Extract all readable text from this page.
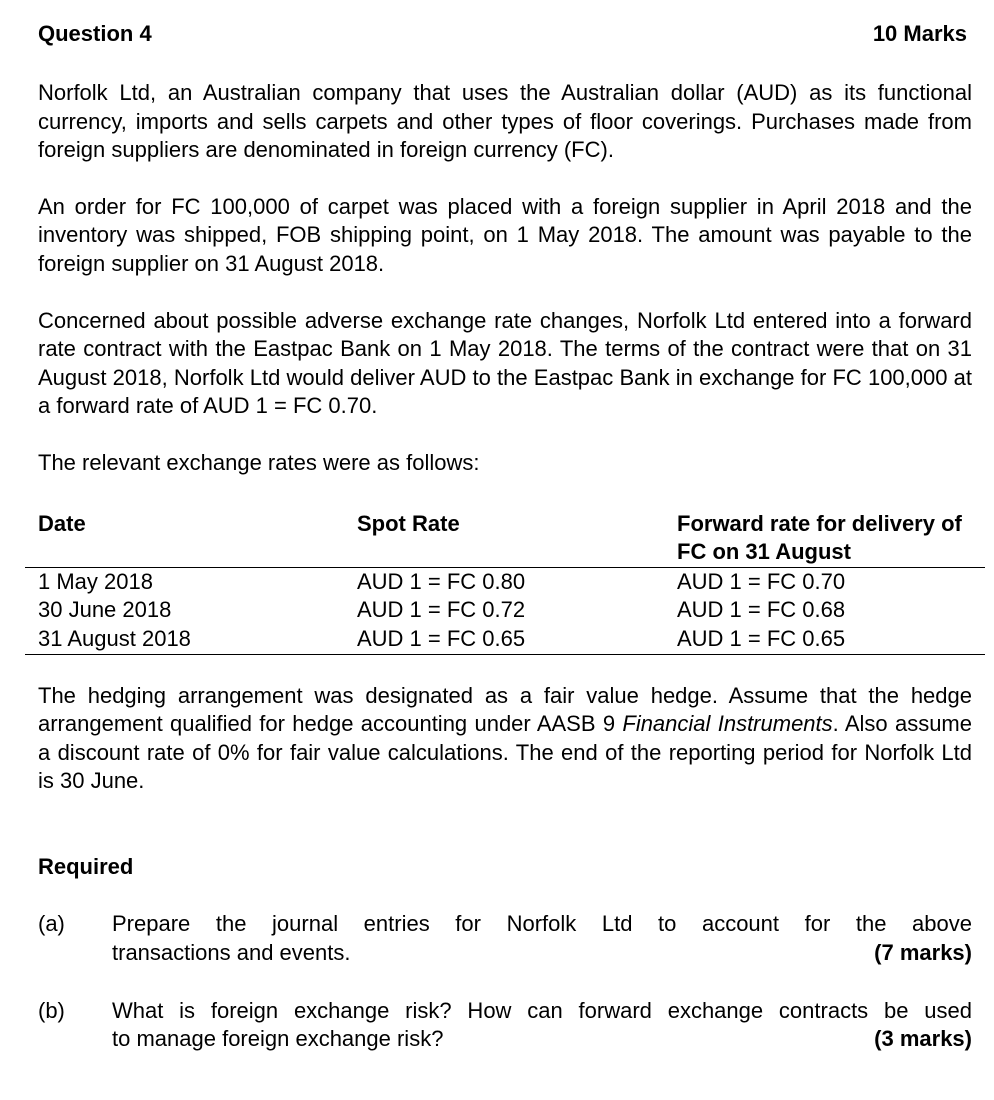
Question 4	10 Marks

Norfolk Ltd, an Australian company that uses the Australian dollar (AUD) as its functional currency, imports and sells carpets and other types of floor coverings. Purchases made from foreign suppliers are denominated in foreign currency (FC).

An order for FC 100,000 of carpet was placed with a foreign supplier in April 2018 and the inventory was shipped, FOB shipping point, on 1 May 2018. The amount was payable to the foreign supplier on 31 August 2018.

Concerned about possible adverse exchange rate changes, Norfolk Ltd entered into a forward rate contract with the Eastpac Bank on 1 May 2018. The terms of the contract were that on 31 August 2018, Norfolk Ltd would deliver AUD to the Eastpac Bank in exchange for FC 100,000 at a forward rate of AUD 1 = FC 0.70.

The relevant exchange rates were as follows:

Date	Spot Rate	Forward rate for delivery of FC on 31 August
1 May 2018	AUD 1 = FC 0.80	AUD 1 = FC 0.70
30 June 2018	AUD 1 = FC 0.72	AUD 1 = FC 0.68
31 August 2018	AUD 1 = FC 0.65	AUD 1 = FC 0.65

The hedging arrangement was designated as a fair value hedge. Assume that the hedge arrangement qualified for hedge accounting under AASB 9 Financial Instruments. Also assume a discount rate of 0% for fair value calculations. The end of the reporting period for Norfolk Ltd is 30 June.

Required
(a)	Prepare the journal entries for Norfolk Ltd to account for the above
transactions and events.	(7 marks)
(b)	What is foreign exchange risk? How can forward exchange contracts be used
to manage foreign exchange risk?	(3 marks)
